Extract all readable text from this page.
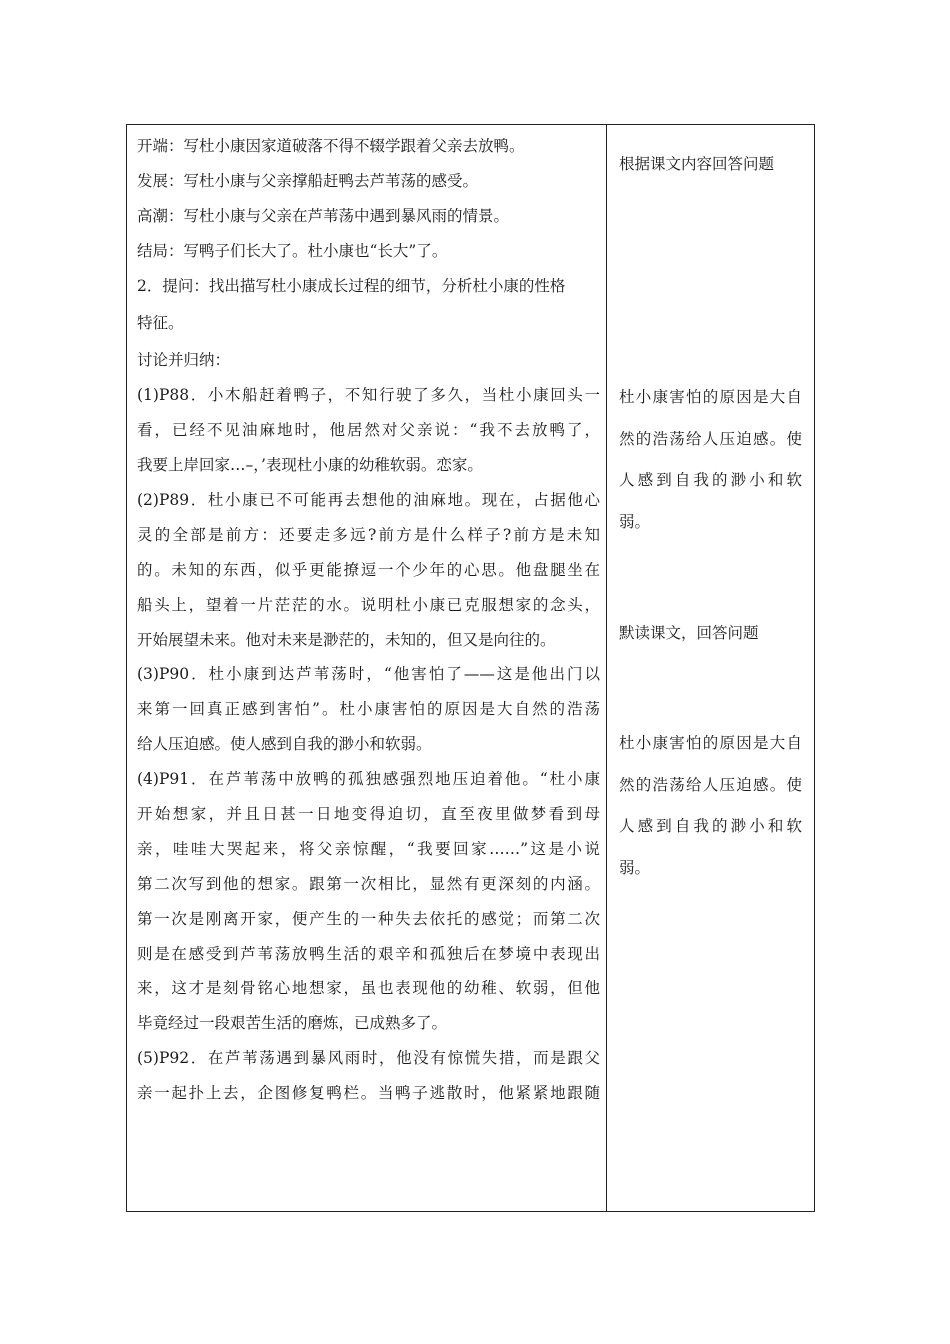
开端：写杜小康因家道破落不得不辍学跟着父亲去放鸭。
发展：写杜小康与父亲撑船赶鸭去芦苇荡的感受。
高潮：写杜小康与父亲在芦苇荡中遇到暴风雨的情景。
结局：写鸭子们长大了。杜小康也“长大”了。
2．提问：找出描写杜小康成长过程的细节，分析杜小康的性格
特征。
讨论并归纳：
(1)P88．小木船赶着鸭子，不知行驶了多久，当杜小康回头一
看，已经不见油麻地时，他居然对父亲说：“我不去放鸭了，
我要上岸回家…–，’表现杜小康的幼稚软弱。恋家。
(2)P89．杜小康已不可能再去想他的油麻地。现在，占据他心
灵的全部是前方：还要走多远?前方是什么样子?前方是未知
的。未知的东西，似乎更能撩逗一个少年的心思。他盘腿坐在
船头上，望着一片茫茫的水。说明杜小康已克服想家的念头，
开始展望未来。他对未来是渺茫的，未知的，但又是向往的。
(3)P90．杜小康到达芦苇荡时，“他害怕了——这是他出门以
来第一回真正感到害怕”。杜小康害怕的原因是大自然的浩荡
给人压迫感。使人感到自我的渺小和软弱。
(4)P91．在芦苇荡中放鸭的孤独感强烈地压迫着他。“杜小康
开始想家，并且日甚一日地变得迫切，直至夜里做梦看到母
亲，哇哇大哭起来，将父亲惊醒，“我要回家……”这是小说
第二次写到他的想家。跟第一次相比，显然有更深刻的内涵。
第一次是刚离开家，便产生的一种失去依托的感觉；而第二次
则是在感受到芦苇荡放鸭生活的艰辛和孤独后在梦境中表现出
来，这才是刻骨铭心地想家，虽也表现他的幼稚、软弱，但他
毕竟经过一段艰苦生活的磨炼，已成熟多了。
(5)P92．在芦苇荡遇到暴风雨时，他没有惊慌失措，而是跟父
亲一起扑上去，企图修复鸭栏。当鸭子逃散时，他紧紧地跟随
根据课文内容回答问题
杜小康害怕的原因是大自
然的浩荡给人压迫感。使
人感到自我的渺小和软
弱。
默读课文，回答问题
杜小康害怕的原因是大自
然的浩荡给人压迫感。使
人感到自我的渺小和软
弱。
